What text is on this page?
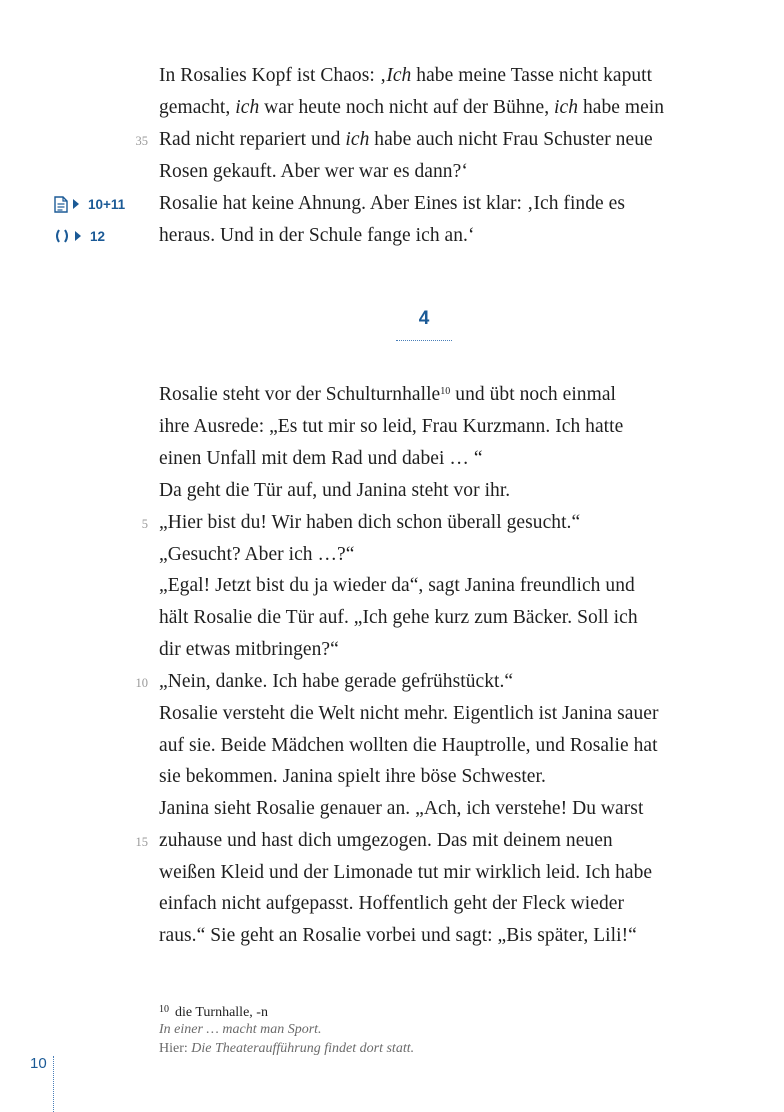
In Rosalies Kopf ist Chaos: ‚Ich habe meine Tasse nicht kaputt
gemacht, ich war heute noch nicht auf der Bühne, ich habe mein
35 Rad nicht repariert und ich habe auch nicht Frau Schuster neue
Rosen gekauft. Aber wer war es dann?‘
10+11 Rosalie hat keine Ahnung. Aber Eines ist klar: ‚Ich finde es
12	heraus. Und in der Schule fange ich an.‘
4
Rosalie steht vor der Schulturnhalle$^{10}$ und übt noch einmal
ihre Ausrede: „Es tut mir so leid, Frau Kurzmann. Ich hatte
einen Unfall mit dem Rad und dabei … “
Da geht die Tür auf, und Janina steht vor ihr.
5 „Hier bist du! Wir haben dich schon überall gesucht.“
„Gesucht? Aber ich …?“
„Egal! Jetzt bist du ja wieder da“, sagt Janina freundlich und
hält Rosalie die Tür auf. „Ich gehe kurz zum Bäcker. Soll ich
dir etwas mitbringen?“
10 „Nein, danke. Ich habe gerade gefrühstückt.“
Rosalie versteht die Welt nicht mehr. Eigentlich ist Janina sauer
auf sie. Beide Mädchen wollten die Hauptrolle, und Rosalie hat
sie bekommen. Janina spielt ihre böse Schwester.
Janina sieht Rosalie genauer an. „Ach, ich verstehe! Du warst
15 zuhause und hast dich umgezogen. Das mit deinem neuen
weißen Kleid und der Limonade tut mir wirklich leid. Ich habe
einfach nicht aufgepasst. Hoffentlich geht der Fleck wieder
raus.“ Sie geht an Rosalie vorbei und sagt: „Bis später, Lili!“
$^{10}$ die Turnhalle, -n
In einer … macht man Sport.
Hier: Die Theateraufführung findet dort statt.
10
